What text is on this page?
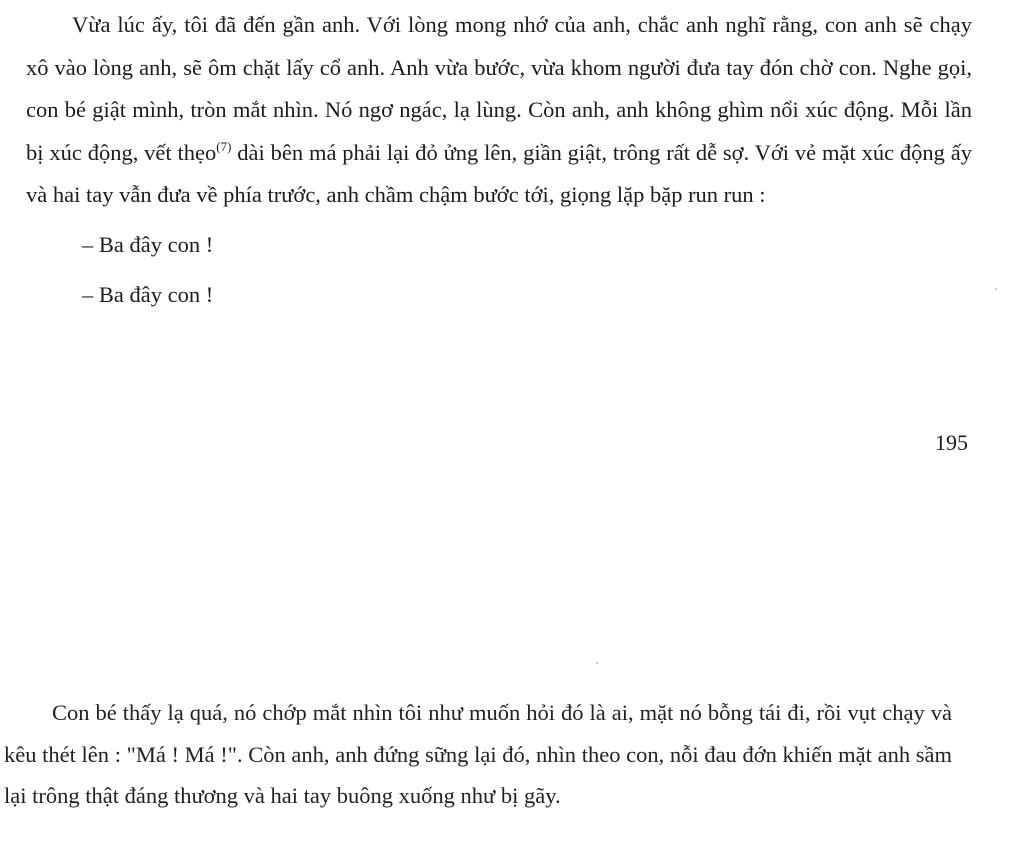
Vừa lúc ấy, tôi đã đến gần anh. Với lòng mong nhớ của anh, chắc anh nghĩ rằng, con anh sẽ chạy xô vào lòng anh, sẽ ôm chặt lấy cổ anh. Anh vừa bước, vừa khom người đưa tay đón chờ con. Nghe gọi, con bé giật mình, tròn mắt nhìn. Nó ngơ ngác, lạ lùng. Còn anh, anh không ghìm nổi xúc động. Mỗi lần bị xúc động, vết thẹo$^{(7)}$ dài bên má phải lại đỏ ửng lên, giần giật, trông rất dễ sợ. Với vẻ mặt xúc động ấy và hai tay vẫn đưa về phía trước, anh chầm chậm bước tới, giọng lặp bặp run run :

– Ba đây con !

– Ba đây con !

195

Con bé thấy lạ quá, nó chớp mắt nhìn tôi như muốn hỏi đó là ai, mặt nó bỗng tái đi, rồi vụt chạy và kêu thét lên : "Má ! Má !". Còn anh, anh đứng sững lại đó, nhìn theo con, nỗi đau đớn khiến mặt anh sầm lại trông thật đáng thương và hai tay buông xuống như bị gãy.
